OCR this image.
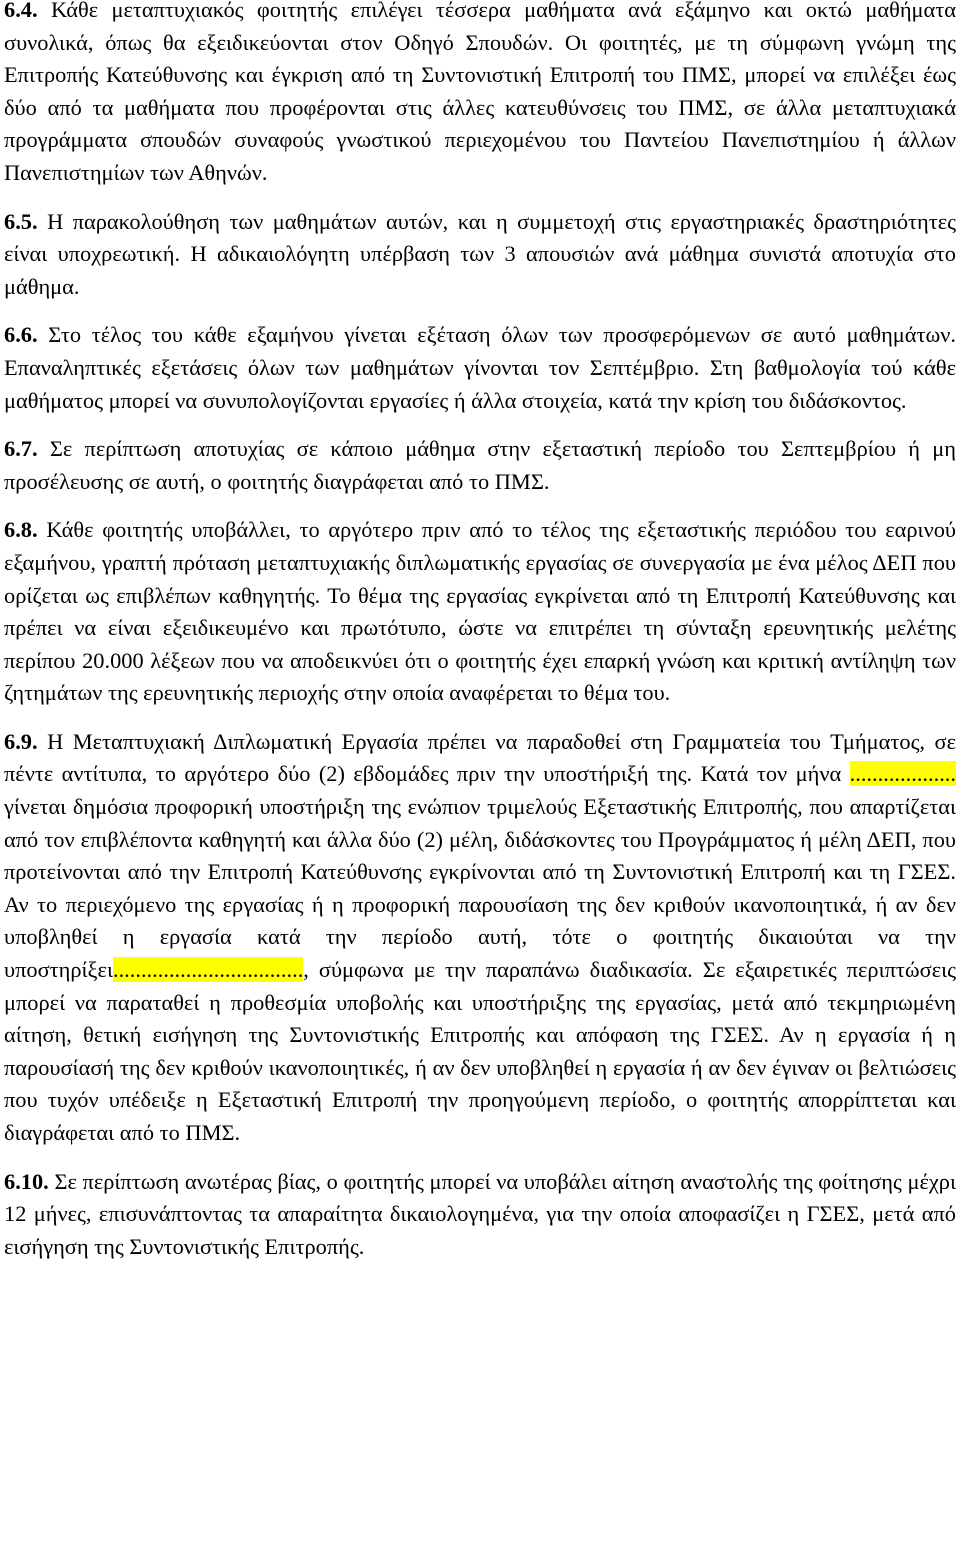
6.4. Κάθε μεταπτυχιακός φοιτητής επιλέγει τέσσερα μαθήματα ανά εξάμηνο και οκτώ μαθήματα συνολικά, όπως θα εξειδικεύονται στον Οδηγό Σπουδών. Οι φοιτητές, με τη σύμφωνη γνώμη της Επιτροπής Κατεύθυνσης και έγκριση από τη Συντονιστική Επιτροπή του ΠΜΣ, μπορεί να επιλέξει έως δύο από τα μαθήματα που προφέρονται στις άλλες κατευθύνσεις του ΠΜΣ, σε άλλα μεταπτυχιακά προγράμματα σπουδών συναφούς γνωστικού περιεχομένου του Παντείου Πανεπιστημίου ή άλλων Πανεπιστημίων των Αθηνών.

6.5. Η παρακολούθηση των μαθημάτων αυτών, και η συμμετοχή στις εργαστηριακές δραστηριότητες είναι υποχρεωτική. Η αδικαιολόγητη υπέρβαση των 3 απουσιών ανά μάθημα συνιστά αποτυχία στο μάθημα.

6.6. Στο τέλος του κάθε εξαμήνου γίνεται εξέταση όλων των προσφερόμενων σε αυτό μαθημάτων. Επαναληπτικές εξετάσεις όλων των μαθημάτων γίνονται τον Σεπτέμβριο. Στη βαθμολογία τού κάθε μαθήματος μπορεί να συνυπολογίζονται εργασίες ή άλλα στοιχεία, κατά την κρίση του διδάσκοντος.

6.7. Σε περίπτωση αποτυχίας σε κάποιο μάθημα στην εξεταστική περίοδο του Σεπτεμβρίου ή μη προσέλευσης σε αυτή, ο φοιτητής διαγράφεται από το ΠΜΣ.

6.8. Κάθε φοιτητής υποβάλλει, το αργότερο πριν από το τέλος της εξεταστικής περιόδου του εαρινού εξαμήνου, γραπτή πρόταση μεταπτυχιακής διπλωματικής εργασίας σε συνεργασία με ένα μέλος ΔΕΠ που ορίζεται ως επιβλέπων καθηγητής. Το θέμα της εργασίας εγκρίνεται από τη Επιτροπή Κατεύθυνσης και πρέπει να είναι εξειδικευμένο και πρωτότυπο, ώστε να επιτρέπει τη σύνταξη ερευνητικής μελέτης περίπου 20.000 λέξεων που να αποδεικνύει ότι ο φοιτητής έχει επαρκή γνώση και κριτική αντίληψη των ζητημάτων της ερευνητικής περιοχής στην οποία αναφέρεται το θέμα του.

6.9. Η Μεταπτυχιακή Διπλωματική Εργασία πρέπει να παραδοθεί στη Γραμματεία του Τμήματος, σε πέντε αντίτυπα, το αργότερο δύο (2) εβδομάδες πριν την υποστήριξή της. Κατά τον μήνα ................... γίνεται δημόσια προφορική υποστήριξη της ενώπιον τριμελούς Εξεταστικής Επιτροπής, που απαρτίζεται από τον επιβλέποντα καθηγητή και άλλα δύο (2) μέλη, διδάσκοντες του Προγράμματος ή μέλη ΔΕΠ, που προτείνονται από την Επιτροπή Κατεύθυνσης εγκρίνονται από τη Συντονιστική Επιτροπή και τη ΓΣΕΣ. Αν το περιεχόμενο της εργασίας ή η προφορική παρουσίαση της δεν κριθούν ικανοποιητικά, ή αν δεν υποβληθεί η εργασία κατά την περίοδο αυτή, τότε ο φοιτητής δικαιούται να την υποστηρίξει.................................., σύμφωνα με την παραπάνω διαδικασία. Σε εξαιρετικές περιπτώσεις μπορεί να παραταθεί η προθεσμία υποβολής και υποστήριξης της εργασίας, μετά από τεκμηριωμένη αίτηση, θετική εισήγηση της Συντονιστικής Επιτροπής και απόφαση της ΓΣΕΣ. Αν η εργασία ή η παρουσίασή της δεν κριθούν ικανοποιητικές, ή αν δεν υποβληθεί η εργασία ή αν δεν έγιναν οι βελτιώσεις που τυχόν υπέδειξε η Εξεταστική Επιτροπή την προηγούμενη περίοδο, ο φοιτητής απορρίπτεται και διαγράφεται από το ΠΜΣ.

6.10. Σε περίπτωση ανωτέρας βίας, ο φοιτητής μπορεί να υποβάλει αίτηση αναστολής της φοίτησης μέχρι 12 μήνες, επισυνάπτοντας τα απαραίτητα δικαιολογημένα, για την οποία αποφασίζει η ΓΣΕΣ, μετά από εισήγηση της Συντονιστικής Επιτροπής.
